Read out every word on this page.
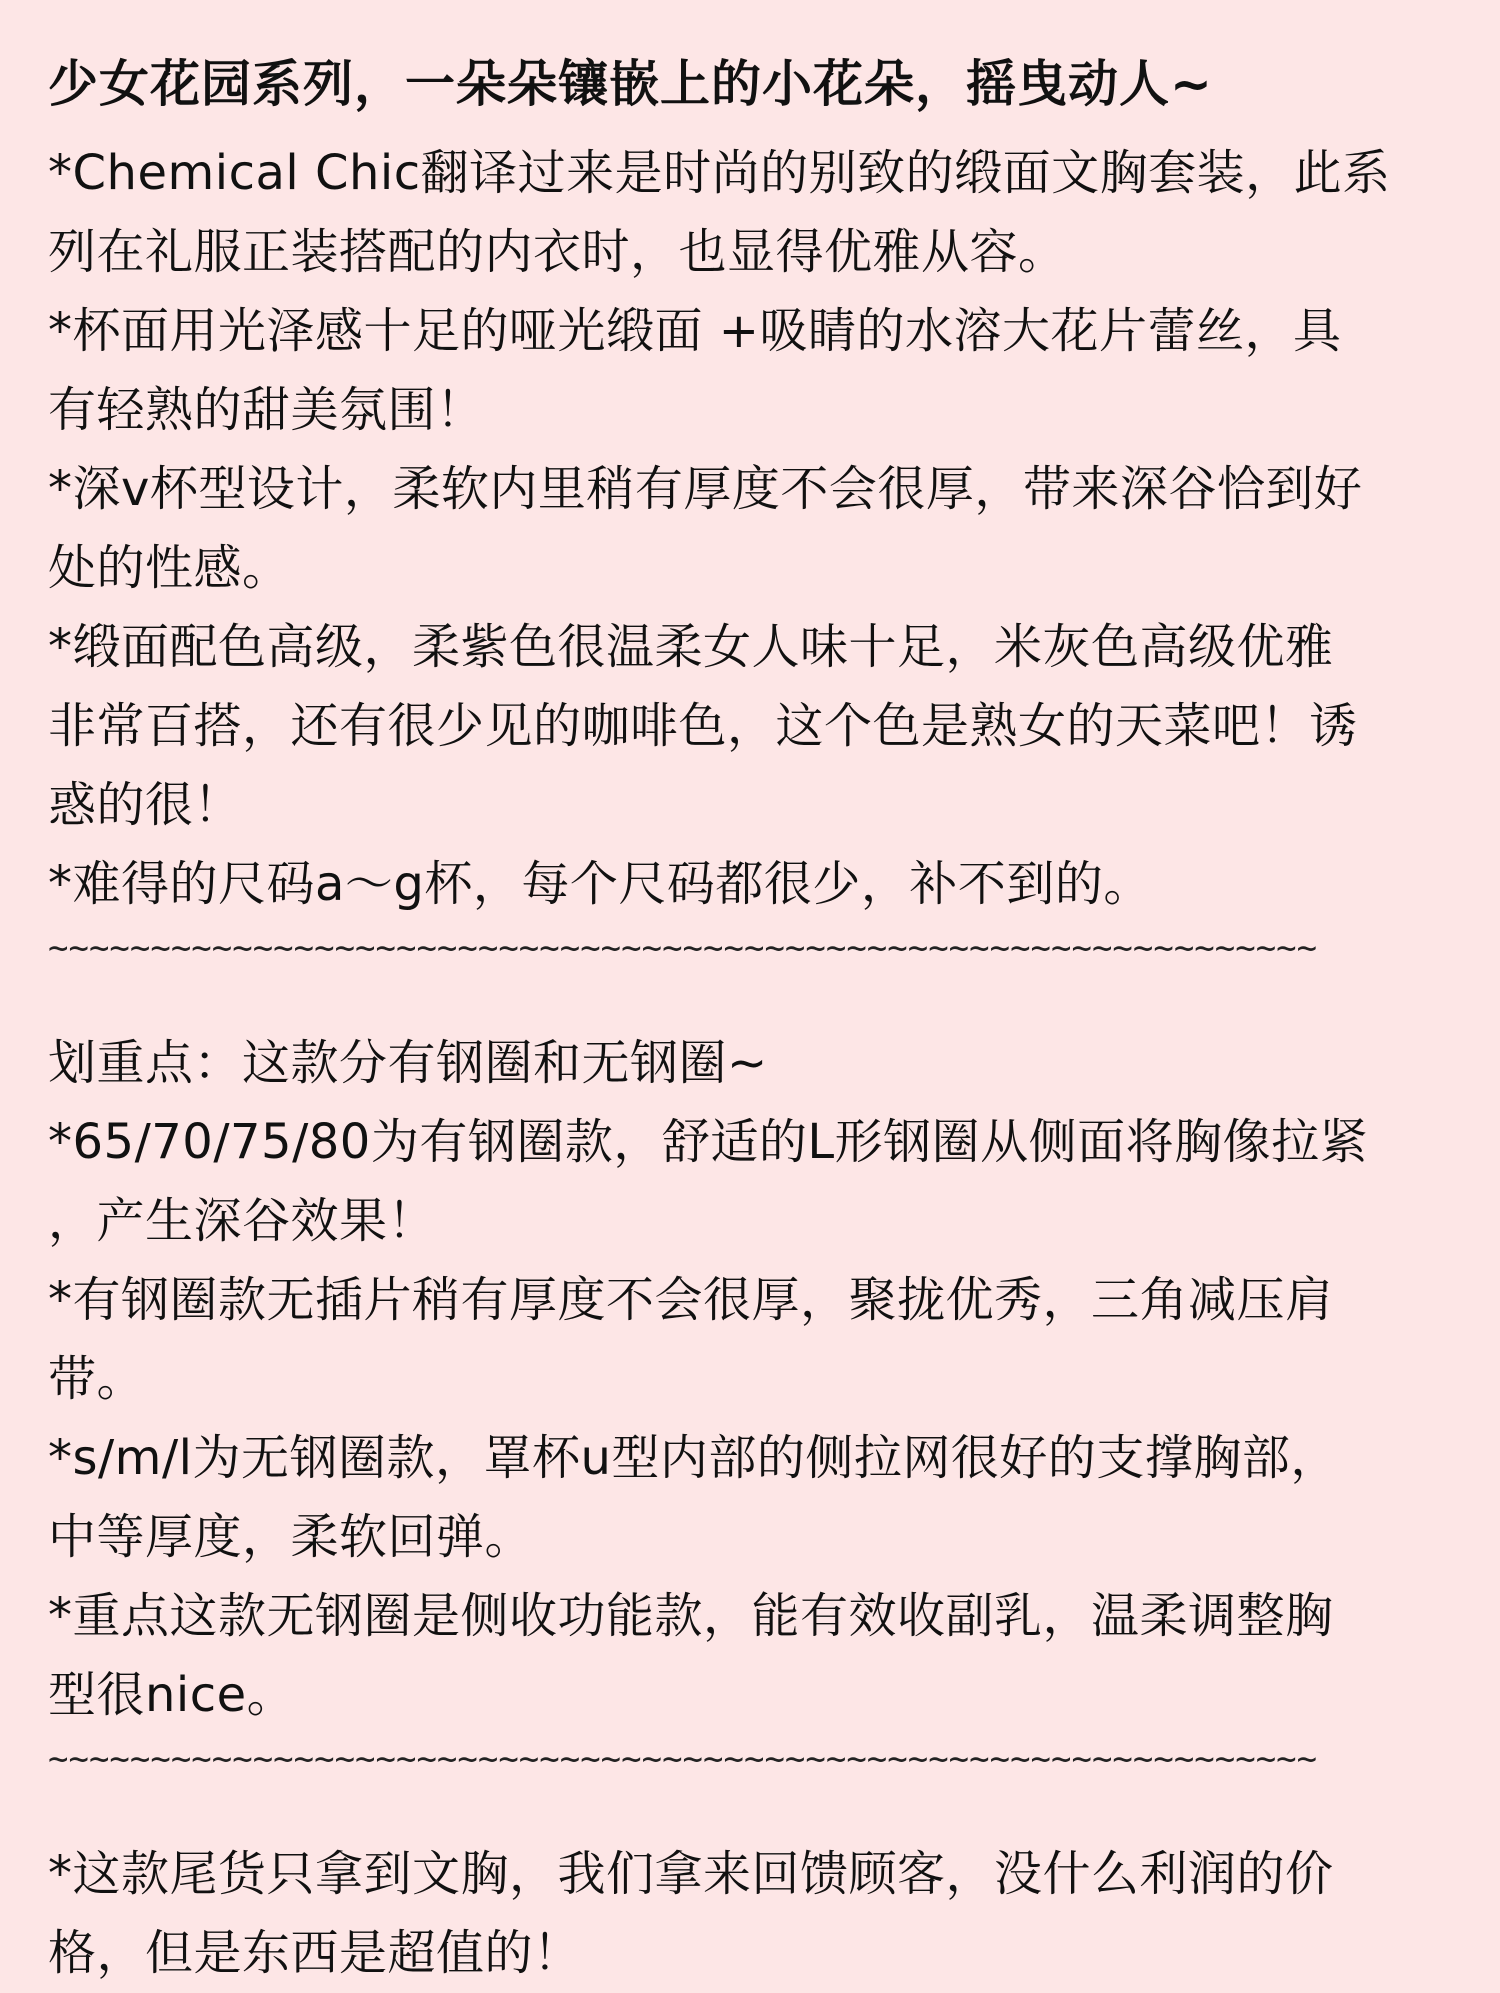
少女花园系列，一朵朵镶嵌上的小花朵，摇曳动人~

*Chemical Chic翻译过来是时尚的别致的缎面文胸套装，此系
列在礼服正装搭配的内衣时，也显得优雅从容。

*杯面用光泽感十足的哑光缎面 +吸睛的水溶大花片蕾丝，具
有轻熟的甜美氛围！

*深v杯型设计，柔软内里稍有厚度不会很厚，带来深谷恰到好
处的性感。

*缎面配色高级，柔紫色很温柔女人味十足，米灰色高级优雅
非常百搭，还有很少见的咖啡色，这个色是熟女的天菜吧！诱
惑的很！

*难得的尺码a～g杯，每个尺码都很少，补不到的。

~~~~~~~~~~~~~~~~~~~~~~~~~~~~~~~~~~~~~~~~~~~~~~~~~~~~~~~~~~~~~~

划重点：这款分有钢圈和无钢圈~

*65/70/75/80为有钢圈款，舒适的L形钢圈从侧面将胸像拉紧
，产生深谷效果！

*有钢圈款无插片稍有厚度不会很厚，聚拢优秀，三角减压肩
带。

*s/m/l为无钢圈款，罩杯u型内部的侧拉网很好的支撑胸部，
中等厚度，柔软回弹。

*重点这款无钢圈是侧收功能款，能有效收副乳，温柔调整胸
型很nice。

~~~~~~~~~~~~~~~~~~~~~~~~~~~~~~~~~~~~~~~~~~~~~~~~~~~~~~~~~~~~~~

*这款尾货只拿到文胸，我们拿来回馈顾客，没什么利润的价
格，但是东西是超值的！
